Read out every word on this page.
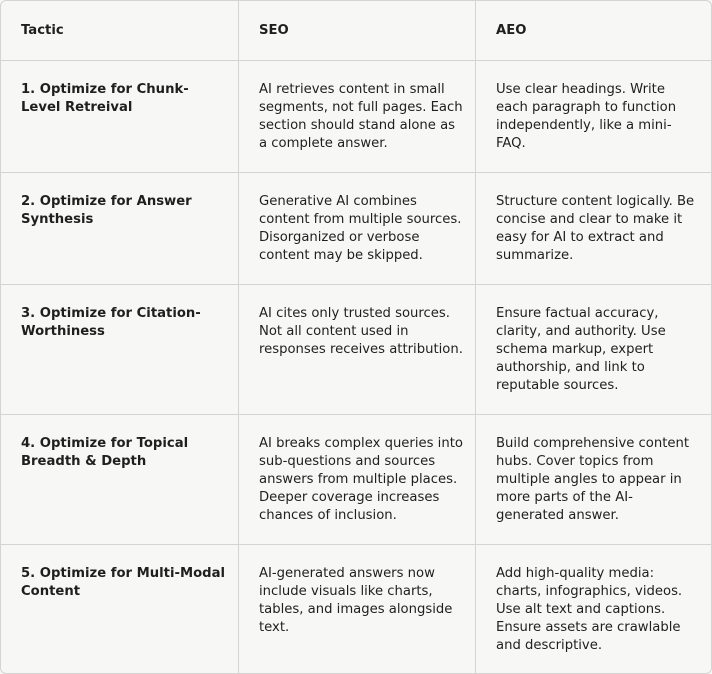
Tactic	SEO	AEO
1. Optimize for Chunk-Level Retreival
AI retrieves content in small segments, not full pages. Each section should stand alone as a complete answer.
Use clear headings. Write each paragraph to function independently, like a mini-FAQ.
2. Optimize for Answer Synthesis
Generative AI combines content from multiple sources. Disorganized or verbose content may be skipped.
Structure content logically. Be concise and clear to make it easy for AI to extract and summarize.
3. Optimize for Citation-Worthiness
AI cites only trusted sources. Not all content used in responses receives attribution.
Ensure factual accuracy, clarity, and authority. Use schema markup, expert authorship, and link to reputable sources.
4. Optimize for Topical Breadth & Depth
AI breaks complex queries into sub-questions and sources answers from multiple places. Deeper coverage increases chances of inclusion.
Build comprehensive content hubs. Cover topics from multiple angles to appear in more parts of the AI-generated answer.
5. Optimize for Multi-Modal Content
AI-generated answers now include visuals like charts, tables, and images alongside text.
Add high-quality media: charts, infographics, videos. Use alt text and captions. Ensure assets are crawlable and descriptive.
